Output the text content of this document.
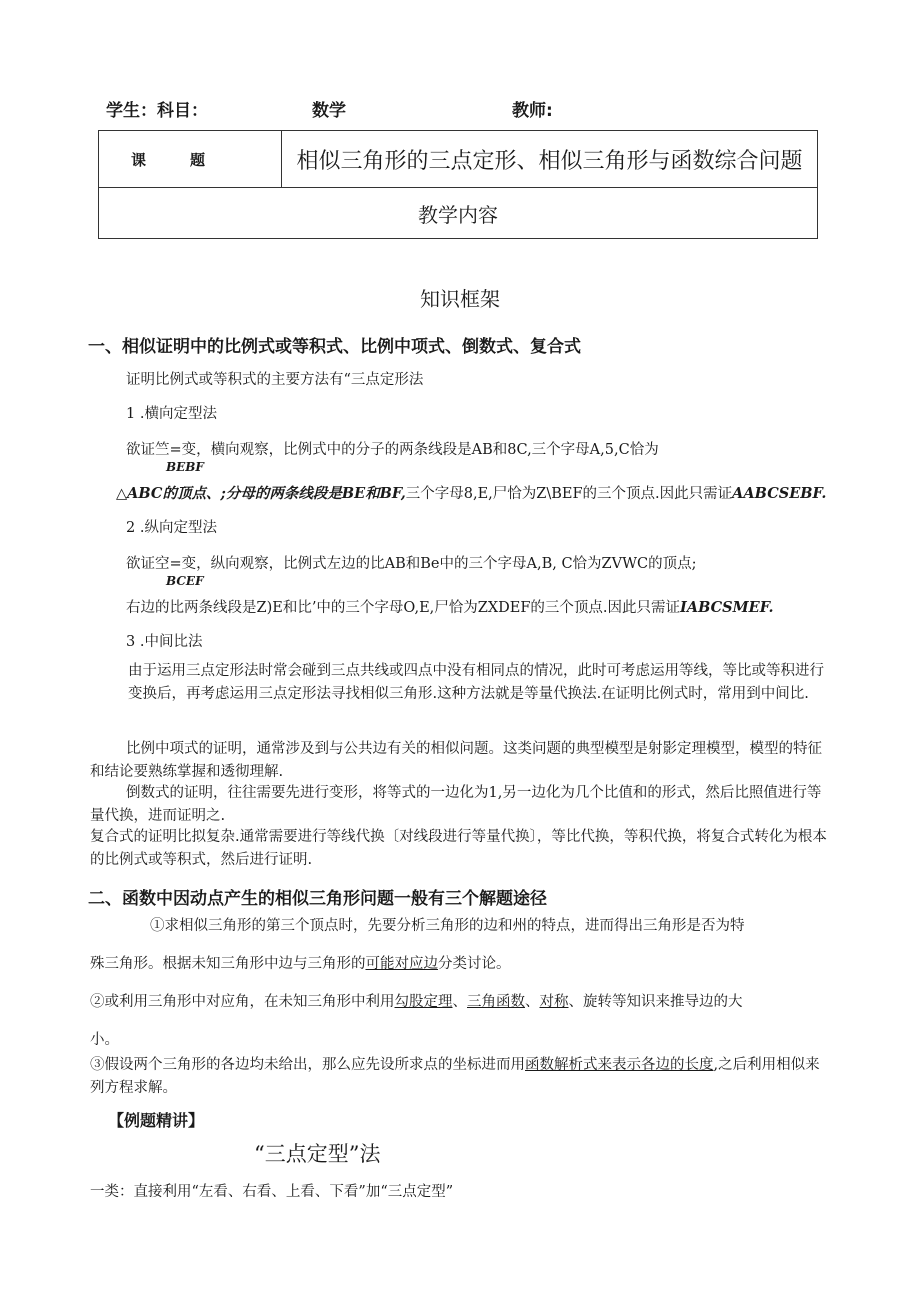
学生：科目：	数学	教师:
课题	相似三角形的三点定形、相似三角形与函数综合问题
教学内容
知识框架
一、相似证明中的比例式或等积式、比例中项式、倒数式、复合式
证明比例式或等积式的主要方法有“三点定形法
1 .横向定型法
欲证竺=变，横向观察，比例式中的分子的两条线段是AB和8C,三个字母A,5,C恰为
BEBF
△ABC的顶点、;分母的两条线段是BE和BF,三个字母8,E,尸恰为Z\BEF的三个顶点.因此只需证AABCSEBF.
2 .纵向定型法
欲证空=变，纵向观察，比例式左边的比AB和Be中的三个字母A,B, C恰为ZVWC的顶点;
BCEF
右边的比两条线段是Z)E和比’中的三个字母O,E,尸恰为ZXDEF的三个顶点.因此只需证ⅠABCSMEF.
3 .中间比法
由于运用三点定形法时常会碰到三点共线或四点中没有相同点的情况，此时可考虑运用等线，等比或等积进行变换后，再考虑运用三点定形法寻找相似三角形.这种方法就是等量代换法.在证明比例式时，常用到中间比.
比例中项式的证明，通常涉及到与公共边有关的相似问题。这类问题的典型模型是射影定理模型，模型的特征和结论要熟练掌握和透彻理解.
倒数式的证明，往往需要先进行变形，将等式的一边化为1,另一边化为几个比值和的形式，然后比照值进行等量代换，进而证明之.
复合式的证明比拟复杂.通常需要进行等线代换〔对线段进行等量代换〕，等比代换，等积代换，将复合式转化为根本的比例式或等积式，然后进行证明.
二、函数中因动点产生的相似三角形问题一般有三个解题途径
①求相似三角形的第三个顶点时，先要分析三角形的边和州的特点，进而得出三角形是否为特
殊三角形。根据未知三角形中边与三角形的可能对应边分类讨论。
②或利用三角形中对应角，在未知三角形中利用勾股定理、三角函数、对称、旋转等知识来推导边的大
小。
③假设两个三角形的各边均未给出，那么应先设所求点的坐标进而用函数解析式来表示各边的长度,之后利用相似来列方程求解。
【例题精讲】
“三点定型”法
一类：直接利用“左看、右看、上看、下看”加“三点定型”
